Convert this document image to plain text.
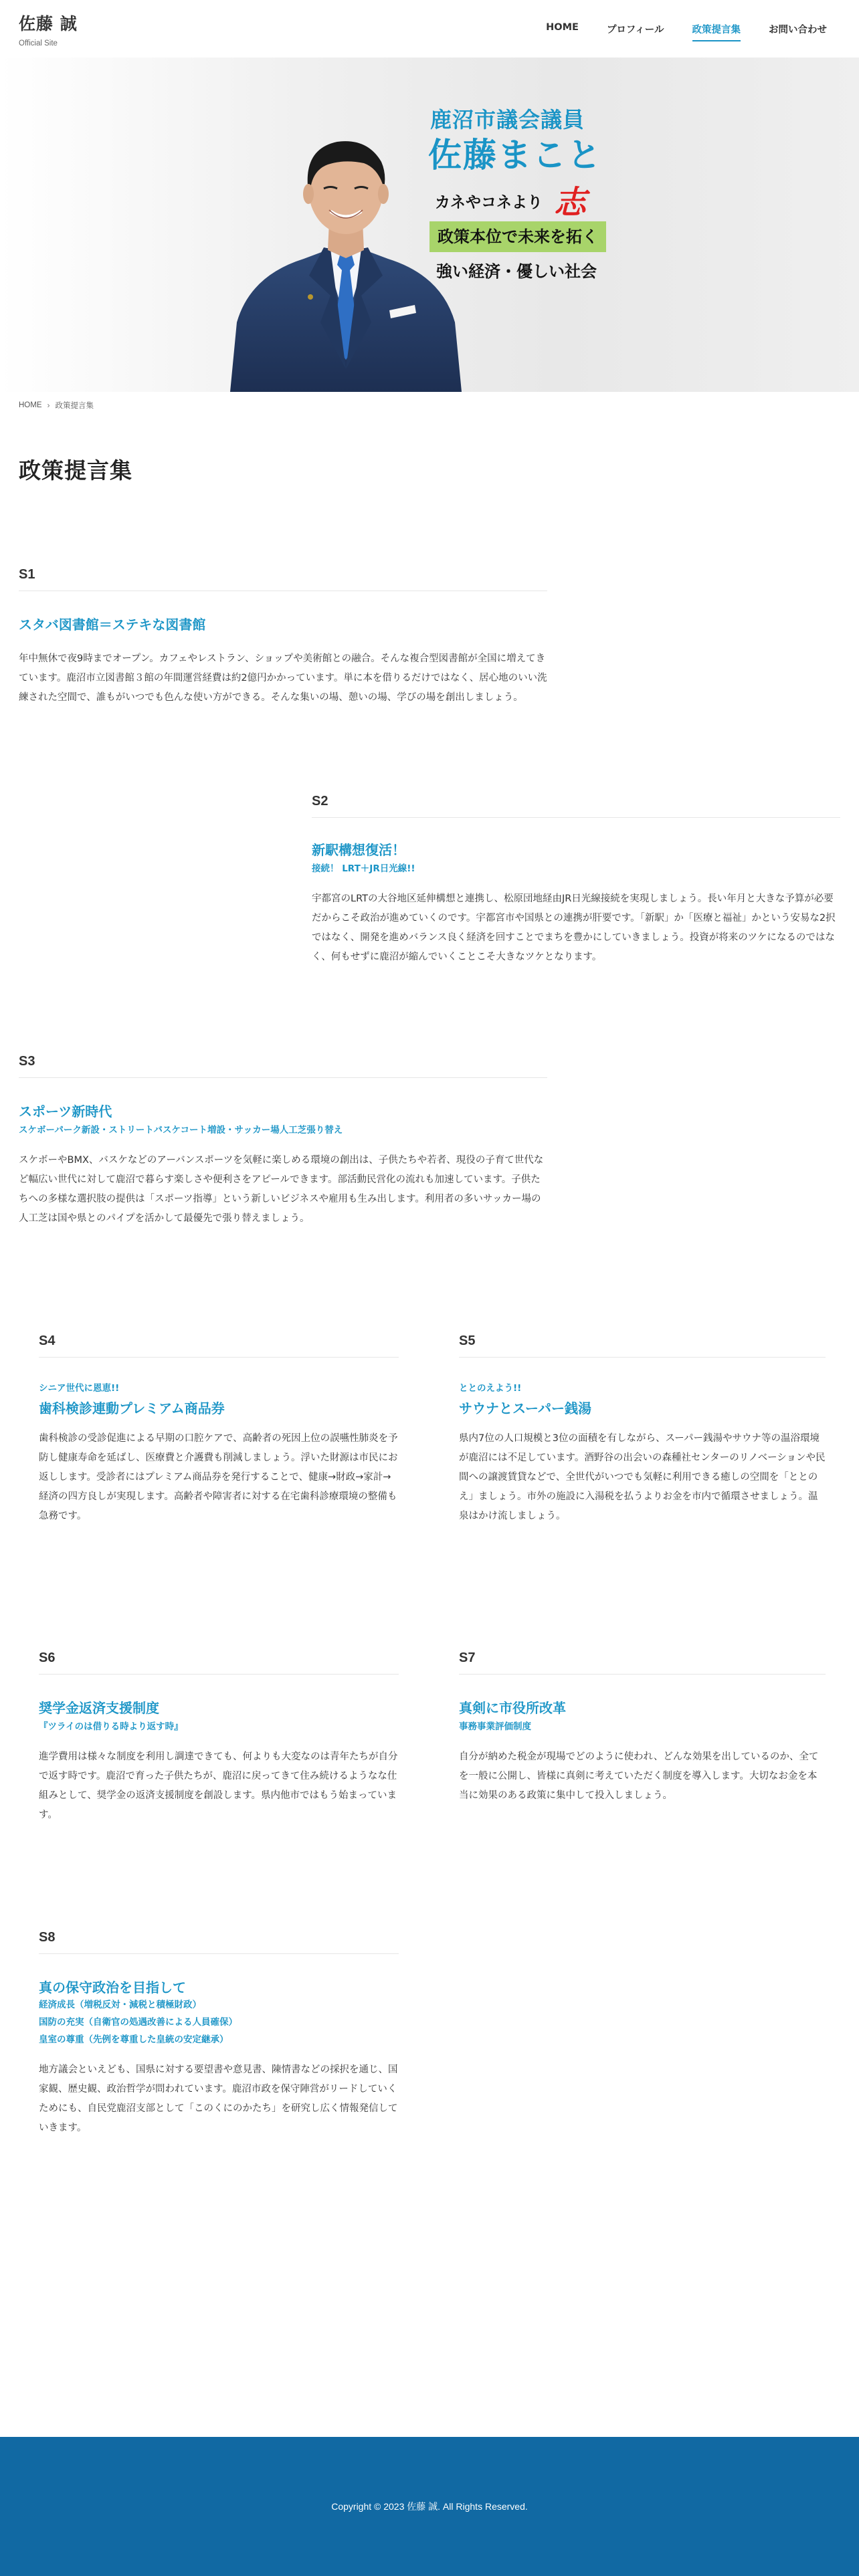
佐藤 誠
Official Site
HOME	プロフィール	政策提言集	お問い合わせ
鹿沼市議会議員
佐藤まこと
カネやコネより 志
政策本位で未来を拓く
強い経済・優しい社会
HOME › 政策提言集
政策提言集
S1
スタバ図書館＝ステキな図書館

年中無休で夜9時までオープン。カフェやレストラン、ショップや美術館との融合。そんな複合型図書館が全国に増えてきています。鹿沼市立図書館３館の年間運営経費は約2億円かかっています。単に本を借りるだけではなく、居心地のいい洗練された空間で、誰もがいつでも色んな使い方ができる。そんな集いの場、憩いの場、学びの場を創出しましょう。

S2
新駅構想復活！
接続！ LRT＋JR日光線!!

宇都宮のLRTの大谷地区延伸構想と連携し、松原団地経由JR日光線接続を実現しましょう。長い年月と大きな予算が必要だからこそ政治が進めていくのです。宇都宮市や国県との連携が肝要です。「新駅」か「医療と福祉」かという安易な2択ではなく、開発を進めバランス良く経済を回すことでまちを豊かにしていきましょう。投資が将来のツケになるのではなく、何もせずに鹿沼が縮んでいくことこそ大きなツケとなります。

S3
スポーツ新時代
スケボーパーク新設・ストリートバスケコート増設・サッカー場人工芝張り替え

スケボーやBMX、バスケなどのアーバンスポーツを気軽に楽しめる環境の創出は、子供たちや若者、現役の子育て世代など幅広い世代に対して鹿沼で暮らす楽しさや便利さをアピールできます。部活動民営化の流れも加速しています。子供たちへの多様な選択肢の提供は「スポーツ指導」という新しいビジネスや雇用も生み出します。利用者の多いサッカー場の人工芝は国や県とのパイプを活かして最優先で張り替えましょう。

S4
シニア世代に恩恵!!
歯科検診連動プレミアム商品券

歯科検診の受診促進による早期の口腔ケアで、高齢者の死因上位の誤嚥性肺炎を予防し健康寿命を延ばし、医療費と介護費も削減しましょう。浮いた財源は市民にお返しします。受診者にはプレミアム商品券を発行することで、健康→財政→家計→経済の四方良しが実現します。高齢者や障害者に対する在宅歯科診療環境の整備も急務です。

S5
ととのえよう!!
サウナとスーパー銭湯

県内7位の人口規模と3位の面積を有しながら、スーパー銭湯やサウナ等の温浴環境が鹿沼には不足しています。酒野谷の出会いの森種社センターのリノベーションや民間への譲渡賃貸などで、全世代がいつでも気軽に利用できる癒しの空間を「ととのえ」ましょう。市外の施設に入湯税を払うよりお金を市内で循環させましょう。温泉はかけ流しましょう。

S6
奨学金返済支援制度
『ツライのは借りる時より返す時』

進学費用は様々な制度を利用し調達できても、何よりも大変なのは青年たちが自分で返す時です。鹿沼で育った子供たちが、鹿沼に戻ってきて住み続けるようなな仕組みとして、奨学金の返済支援制度を創設します。県内他市ではもう始まっています。

S7
真剣に市役所改革
事務事業評価制度

自分が納めた税金が現場でどのように使われ、どんな効果を出しているのか、全てを一般に公開し、皆様に真剣に考えていただく制度を導入します。大切なお金を本当に効果のある政策に集中して投入しましょう。

S8
真の保守政治を目指して
経済成長（増税反対・減税と積極財政）
国防の充実（自衛官の処遇改善による人員確保）
皇室の尊重（先例を尊重した皇統の安定継承）

地方議会といえども、国県に対する要望書や意見書、陳情書などの採択を通じ、国家観、歴史観、政治哲学が問われています。鹿沼市政を保守陣営がリードしていくためにも、自民党鹿沼支部として「このくにのかたち」を研究し広く情報発信していきます。

Copyright © 2023 佐藤 誠. All Rights Reserved.
